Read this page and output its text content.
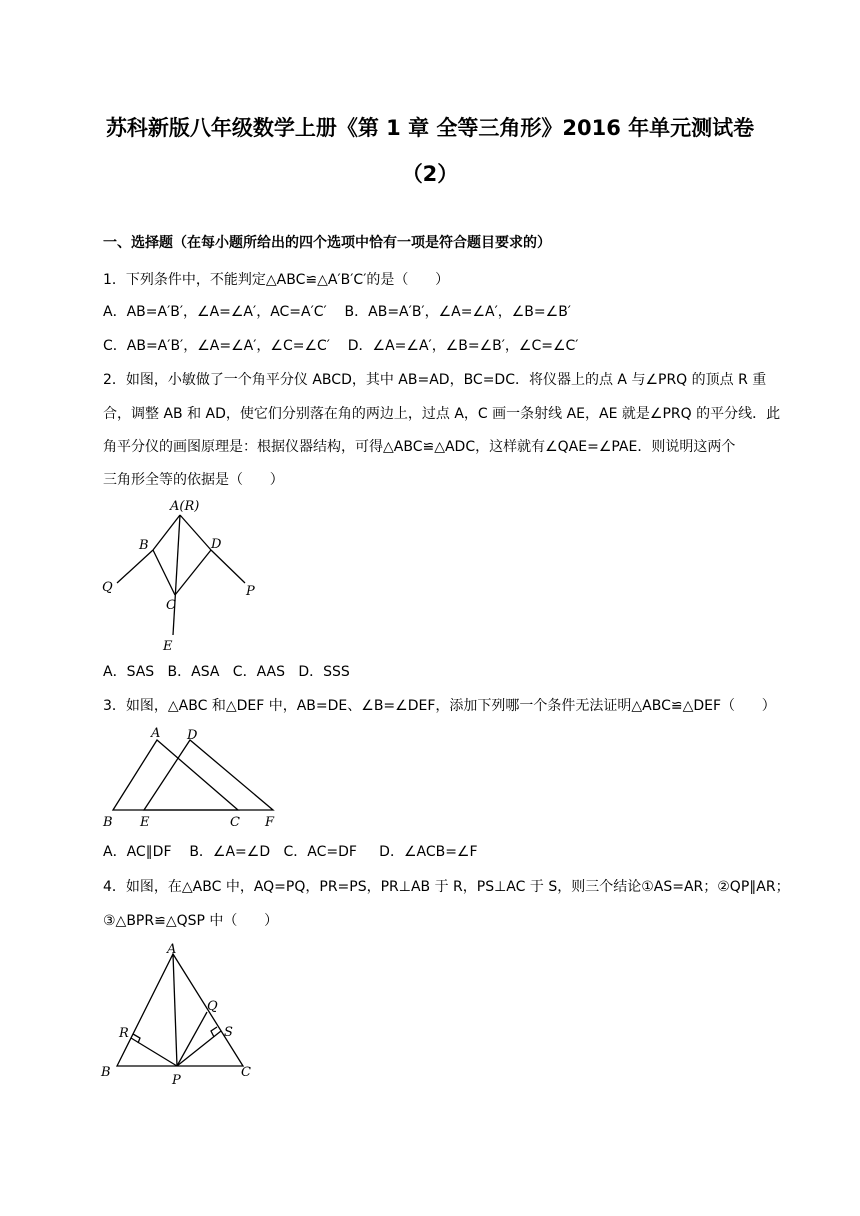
苏科新版八年级数学上册《第 1 章 全等三角形》2016 年单元测试卷
（2）
一、选择题（在每小题所给出的四个选项中恰有一项是符合题目要求的）
1．下列条件中，不能判定△ABC≌△A′B′C′的是（      ）
A．AB=A′B′，∠A=∠A′，AC=A′C′    B．AB=A′B′，∠A=∠A′，∠B=∠B′
C．AB=A′B′，∠A=∠A′，∠C=∠C′    D．∠A=∠A′，∠B=∠B′，∠C=∠C′
2．如图，小敏做了一个角平分仪 ABCD，其中 AB=AD，BC=DC．将仪器上的点 A 与∠PRQ 的顶点 R 重
合，调整 AB 和 AD，使它们分别落在角的两边上，过点 A，C 画一条射线 AE，AE 就是∠PRQ 的平分线．此
角平分仪的画图原理是：根据仪器结构，可得△ABC≌△ADC，这样就有∠QAE=∠PAE．则说明这两个
三角形全等的依据是（      ）
A(R)
B	D
C
Q	P
E
A．SAS   B．ASA   C．AAS   D．SSS
3．如图，△ABC 和△DEF 中，AB=DE、∠B=∠DEF，添加下列哪一个条件无法证明△ABC≌△DEF（      ）
A D
B E	C F
A．AC∥DF    B．∠A=∠D   C．AC=DF     D．∠ACB=∠F
4．如图，在△ABC 中，AQ=PQ，PR=PS，PR⊥AB 于 R，PS⊥AC 于 S，则三个结论①AS=AR；②QP∥AR；
③△BPR≌△QSP 中（      ）
A
B	C
P
Q
R	S
